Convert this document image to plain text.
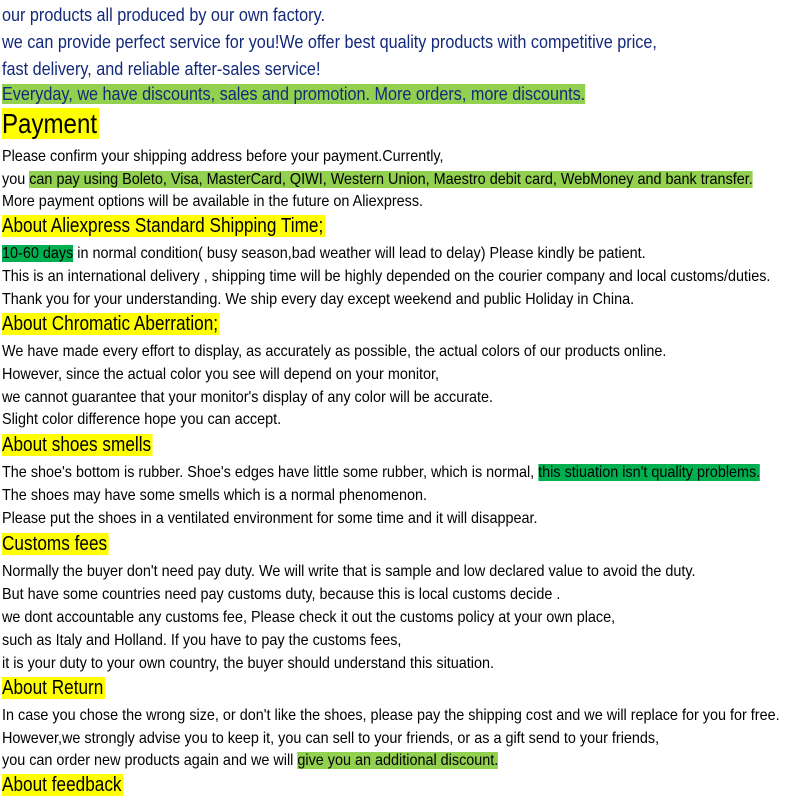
our products all produced by our own factory.
we can provide perfect service for you!We offer best quality products with competitive price,
fast delivery, and reliable after-sales service!
Everyday, we have discounts, sales and promotion. More orders, more discounts.
Payment
Please confirm your shipping address before your payment.Currently,
you can pay using Boleto, Visa, MasterCard, QIWI, Western Union, Maestro debit card, WebMoney and bank transfer.
More payment options will be available in the future on Aliexpress.
About Aliexpress Standard Shipping Time;
10-60 days in normal condition( busy season,bad weather will lead to delay) Please kindly be patient.
This is an international delivery , shipping time will be highly depended on the courier company and local customs/duties.
Thank you for your understanding. We ship every day except weekend and public Holiday in China.
About Chromatic Aberration;
We have made every effort to display, as accurately as possible, the actual colors of our products online.
However, since the actual color you see will depend on your monitor,
we cannot guarantee that your monitor's display of any color will be accurate.
Slight color difference hope you can accept.
About shoes smells
The shoe's bottom is rubber. Shoe's edges have little some rubber, which is normal, this stiuation isn't quality problems.
The shoes may have some smells which is a normal phenomenon.
Please put the shoes in a ventilated environment for some time and it will disappear.
Customs fees
Normally the buyer don't need pay duty. We will write that is sample and low declared value to avoid the duty.
But have some countries need pay customs duty, because this is local customs decide .
we dont accountable any customs fee, Please check it out the customs policy at your own place,
such as Italy and Holland. If you have to pay the customs fees,
it is your duty to your own country, the buyer should understand this situation.
About Return
In case you chose the wrong size, or don't like the shoes, please pay the shipping cost and we will replace for you for free.
However,we strongly advise you to keep it, you can sell to your friends, or as a gift send to your friends,
you can order new products again and we will give you an additional discount.
About feedback
